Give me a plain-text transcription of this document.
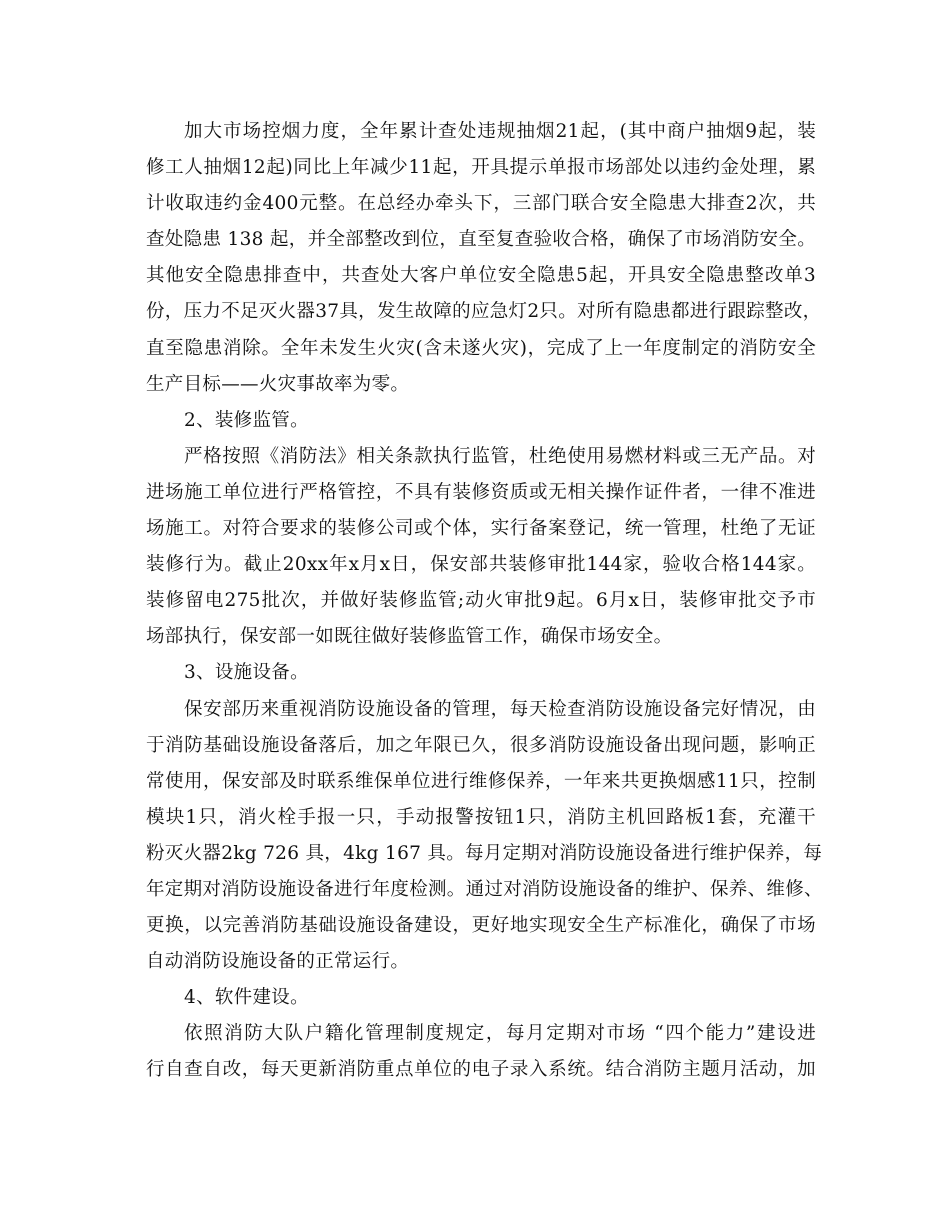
加大市场控烟力度，全年累计查处违规抽烟21起，(其中商户抽烟9起，装
修工人抽烟12起)同比上年减少11起，开具提示单报市场部处以违约金处理，累
计收取违约金400元整。在总经办牵头下，三部门联合安全隐患大排查2次，共
查处隐患 138 起，并全部整改到位，直至复查验收合格，确保了市场消防安全。
其他安全隐患排查中，共查处大客户单位安全隐患5起，开具安全隐患整改单3
份，压力不足灭火器37具，发生故障的应急灯2只。对所有隐患都进行跟踪整改，
直至隐患消除。全年未发生火灾(含未遂火灾)，完成了上一年度制定的消防安全
生产目标——火灾事故率为零。
2、装修监管。
严格按照《消防法》相关条款执行监管，杜绝使用易燃材料或三无产品。对
进场施工单位进行严格管控，不具有装修资质或无相关操作证件者，一律不准进
场施工。对符合要求的装修公司或个体，实行备案登记，统一管理，杜绝了无证
装修行为。截止20xx年x月x日，保安部共装修审批144家，验收合格144家。
装修留电275批次，并做好装修监管;动火审批9起。6月x日，装修审批交予市
场部执行，保安部一如既往做好装修监管工作，确保市场安全。
3、设施设备。
保安部历来重视消防设施设备的管理，每天检查消防设施设备完好情况，由
于消防基础设施设备落后，加之年限已久，很多消防设施设备出现问题，影响正
常使用，保安部及时联系维保单位进行维修保养，一年来共更换烟感11只，控制
模块1只，消火栓手报一只，手动报警按钮1只，消防主机回路板1套，充灌干
粉灭火器2kg 726 具，4kg 167 具。每月定期对消防设施设备进行维护保养，每
年定期对消防设施设备进行年度检测。通过对消防设施设备的维护、保养、维修、
更换，以完善消防基础设施设备建设，更好地实现安全生产标准化，确保了市场
自动消防设施设备的正常运行。
4、软件建设。
依照消防大队户籍化管理制度规定，每月定期对市场 “四个能力”建设进
行自查自改，每天更新消防重点单位的电子录入系统。结合消防主题月活动，加
